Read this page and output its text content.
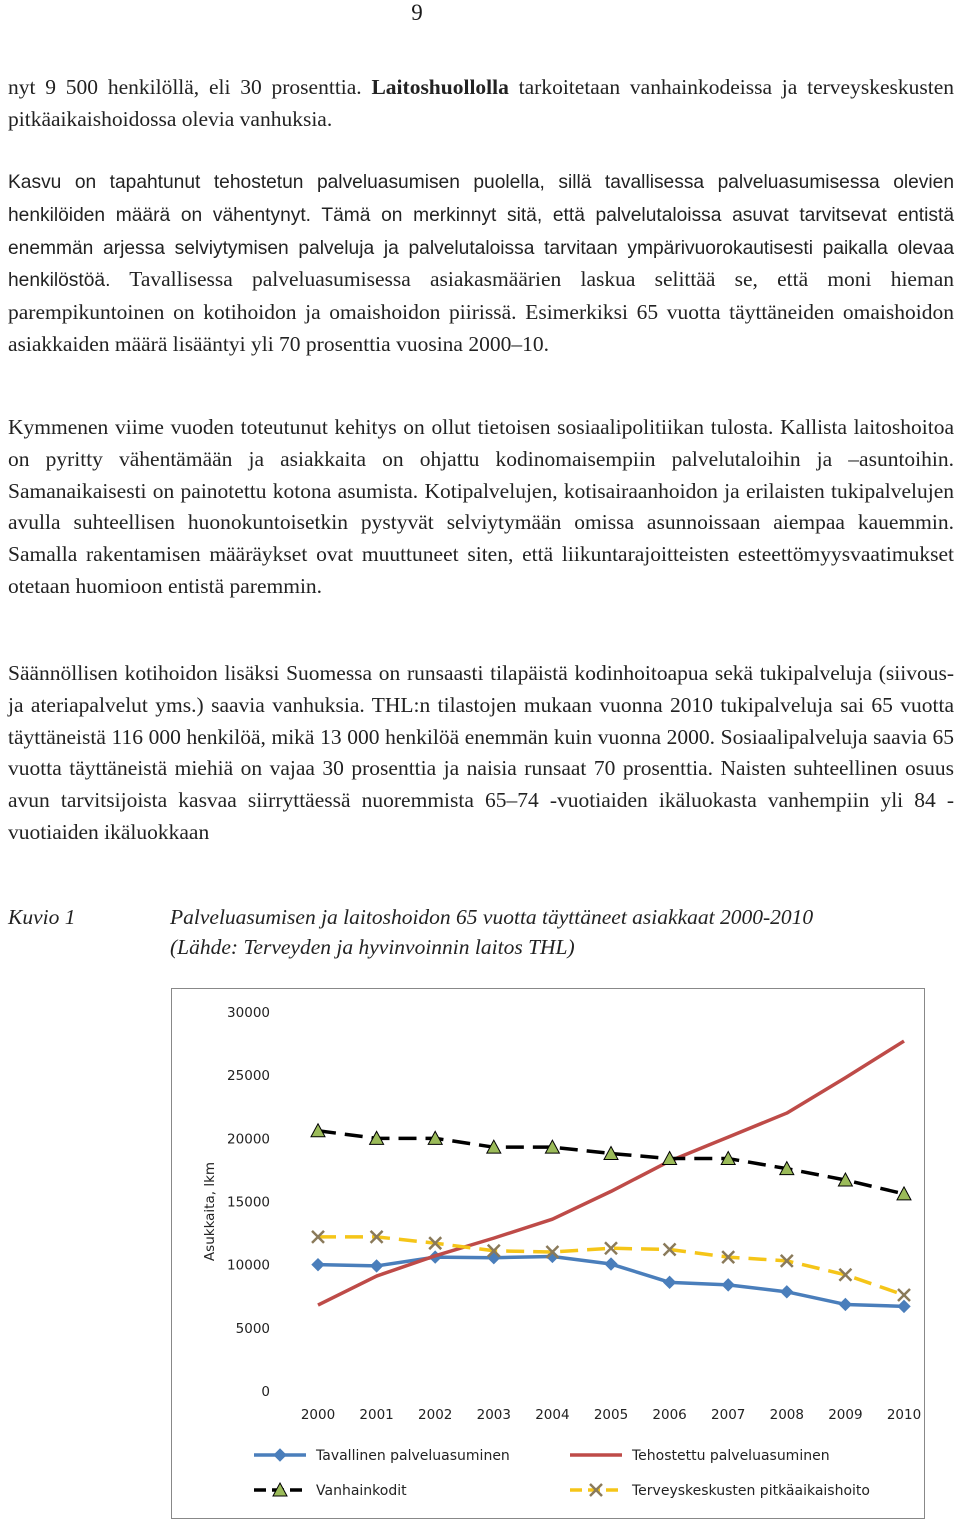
9

nyt 9 500 henkilöllä, eli 30 prosenttia. Laitoshuollolla tarkoitetaan vanhainkodeissa ja terveyskeskusten pitkäaikaishoidossa olevia vanhuksia.

Kasvu on tapahtunut tehostetun palveluasumisen puolella, sillä tavallisessa palveluasumisessa olevien henkilöiden määrä on vähentynyt. Tämä on merkinnyt sitä, että palvelutaloissa asuvat tarvitsevat entistä enemmän arjessa selviytymisen palveluja ja palvelutaloissa tarvitaan ympärivuorokautisesti paikalla olevaa henkilöstöä. Tavallisessa palveluasumisessa asiakasmäärien laskua selittää se, että moni hieman parempikuntoinen on kotihoidon ja omaishoidon piirissä. Esimerkiksi 65 vuotta täyttäneiden omaishoidon asiakkaiden määrä lisääntyi yli 70 prosenttia vuosina 2000–10.

Kymmenen viime vuoden toteutunut kehitys on ollut tietoisen sosiaalipolitiikan tulosta. Kallista laitoshoitoa on pyritty vähentämään ja asiakkaita on ohjattu kodinomaisempiin palvelutaloihin ja –asuntoihin. Samanaikaisesti on painotettu kotona asumista. Kotipalvelujen, kotisairaanhoidon ja erilaisten tukipalvelujen avulla suhteellisen huonokuntoisetkin pystyvät selviytymään omissa asunnoissaan aiempaa kauemmin. Samalla rakentamisen määräykset ovat muuttuneet siten, että liikuntarajoitteisten esteettömyysvaatimukset otetaan huomioon entistä paremmin.

Säännöllisen kotihoidon lisäksi Suomessa on runsaasti tilapäistä kodinhoitoapua sekä tukipalveluja (siivous- ja ateriapalvelut yms.) saavia vanhuksia. THL:n tilastojen mukaan vuonna 2010 tukipalveluja sai 65 vuotta täyttäneistä 116 000 henkilöä, mikä 13 000 henkilöä enemmän kuin vuonna 2000. Sosiaalipalveluja saavia 65 vuotta täyttäneistä miehiä on vajaa 30 prosenttia ja naisia runsaat 70 prosenttia. Naisten suhteellinen osuus avun tarvitsijoista kasvaa siirryttäessä nuoremmista 65–74 -vuotiaiden ikäluokasta vanhempiin yli 84 -vuotiaiden ikäluokkaan

Kuvio 1	Palveluasumisen ja laitoshoidon 65 vuotta täyttäneet asiakkaat 2000-2010
(Lähde: Terveyden ja hyvinvoinnin laitos THL)
0
5000
10000
15000
20000
25000
30000
2000 2001 2002 2003 2004 2005 2006 2007 2008 2009 2010
Asukkaita, lkm
Tavallinen palveluasuminen	Tehostettu palveluasuminen
Vanhainkodit	Terveyskeskusten pitkäaikaishoito
